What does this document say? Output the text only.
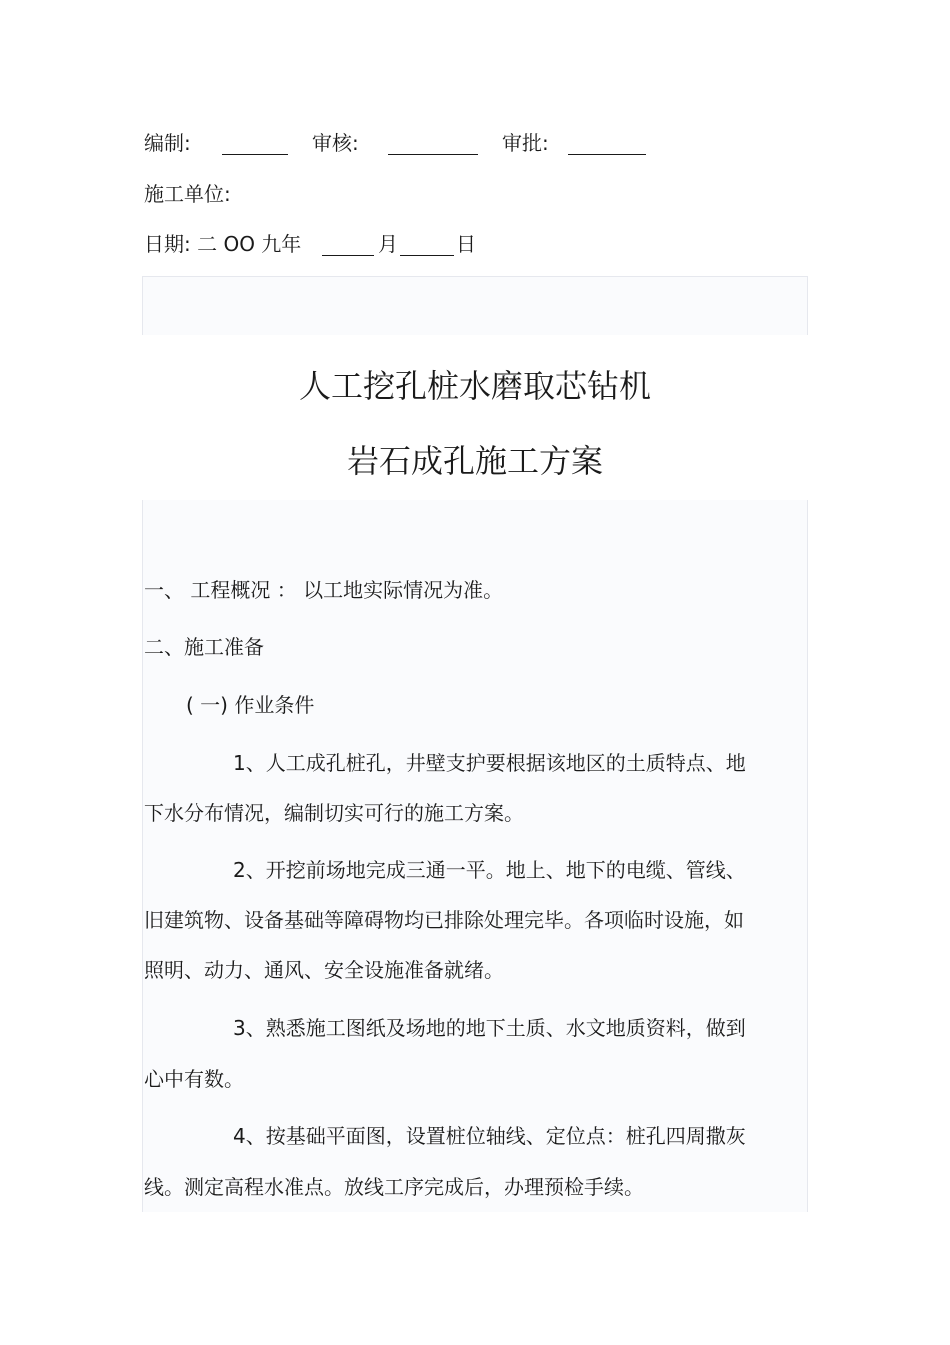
编制:	审核:	审批:
施工单位:
日期: 二 OO 九年	月	日
人工挖孔桩水磨取芯钻机
岩石成孔施工方案
一、 工程概况 ： 以工地实际情况为准。
二、施工准备
( 一) 作业条件
1、人工成孔桩孔，井壁支护要根据该地区的土质特点、地
下水分布情况，编制切实可行的施工方案。
2、开挖前场地完成三通一平。地上、地下的电缆、管线、
旧建筑物、设备基础等障碍物均已排除处理完毕。各项临时设施，如
照明、动力、通风、安全设施准备就绪。
3、熟悉施工图纸及场地的地下土质、水文地质资料，做到
心中有数。
4、按基础平面图，设置桩位轴线、定位点：桩孔四周撒灰
线。测定高程水准点。放线工序完成后，办理预检手续。
